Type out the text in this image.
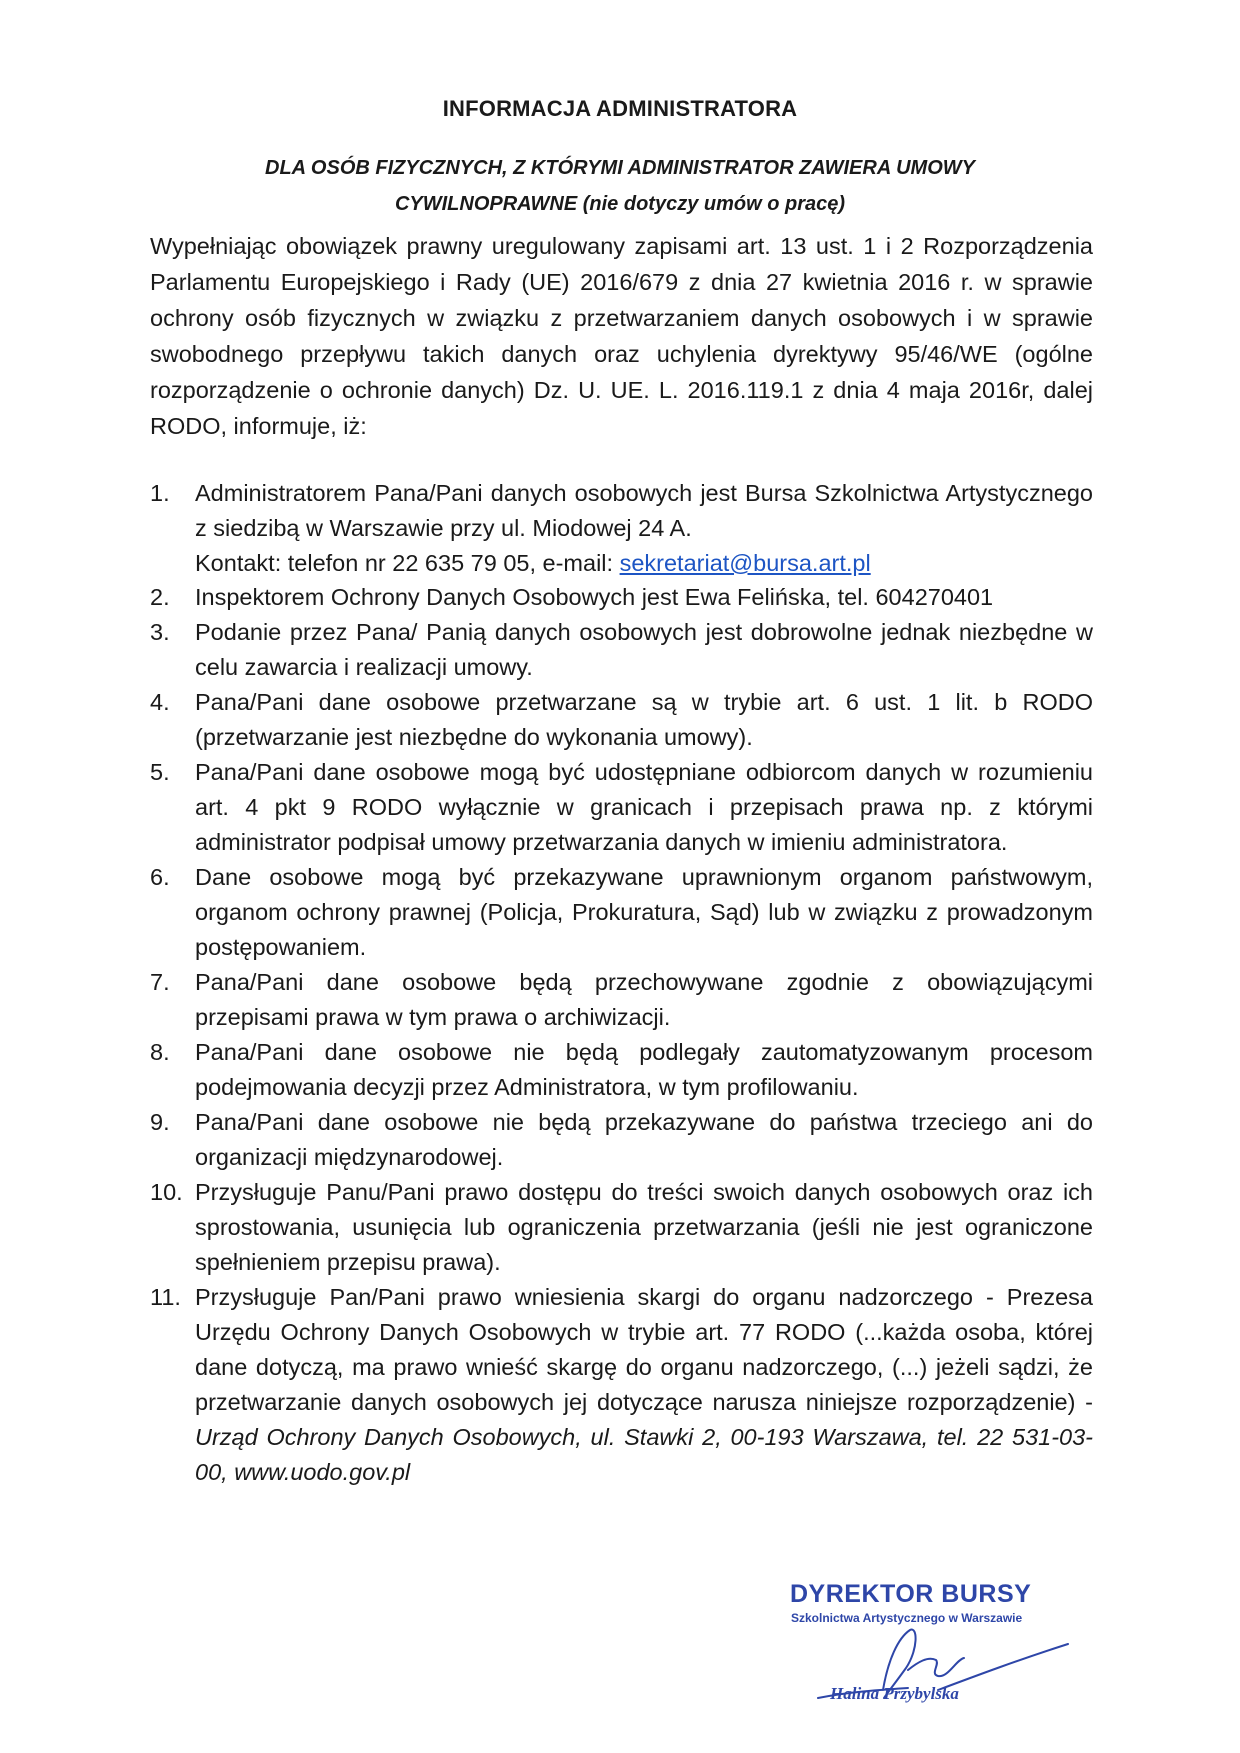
INFORMACJA ADMINISTRATORA
DLA OSÓB FIZYCZNYCH, Z KTÓRYMI ADMINISTRATOR ZAWIERA UMOWY
CYWILNOPRAWNE (nie dotyczy umów o pracę)

Wypełniając obowiązek prawny uregulowany zapisami art. 13 ust. 1 i 2 Rozporządzenia Parlamentu Europejskiego i Rady (UE) 2016/679 z dnia 27 kwietnia 2016 r. w sprawie ochrony osób fizycznych w związku z przetwarzaniem danych osobowych i w sprawie swobodnego przepływu takich danych oraz uchylenia dyrektywy 95/46/WE (ogólne rozporządzenie o ochronie danych) Dz. U. UE. L. 2016.119.1 z dnia 4 maja 2016r, dalej RODO, informuje, iż:

1.	Administratorem Pana/Pani danych osobowych jest Bursa Szkolnictwa Artystycznego z siedzibą w Warszawie przy ul. Miodowej 24 A.
Kontakt: telefon nr 22 635 79 05, e-mail: sekretariat@bursa.art.pl
2.	Inspektorem Ochrony Danych Osobowych jest Ewa Felińska, tel. 604270401
3.	Podanie przez Pana/ Panią danych osobowych jest dobrowolne jednak niezbędne w celu zawarcia i realizacji umowy.
4.	Pana/Pani dane osobowe przetwarzane są w trybie art. 6 ust. 1 lit. b RODO (przetwarzanie jest niezbędne do wykonania umowy).
5.	Pana/Pani dane osobowe mogą być udostępniane odbiorcom danych w rozumieniu art. 4 pkt 9 RODO wyłącznie w granicach i przepisach prawa np. z którymi administrator podpisał umowy przetwarzania danych w imieniu administratora.
6.	Dane osobowe mogą być przekazywane uprawnionym organom państwowym, organom ochrony prawnej (Policja, Prokuratura, Sąd) lub w związku z prowadzonym postępowaniem.
7.	Pana/Pani dane osobowe będą przechowywane zgodnie z obowiązującymi przepisami prawa w tym prawa o archiwizacji.
8.	Pana/Pani dane osobowe nie będą podlegały zautomatyzowanym procesom podejmowania decyzji przez Administratora, w tym profilowaniu.
9.	Pana/Pani dane osobowe nie będą przekazywane do państwa trzeciego ani do organizacji międzynarodowej.
10. Przysługuje Panu/Pani prawo dostępu do treści swoich danych osobowych oraz ich sprostowania, usunięcia lub ograniczenia przetwarzania (jeśli nie jest ograniczone spełnieniem przepisu prawa).
11. Przysługuje Pan/Pani prawo wniesienia skargi do organu nadzorczego - Prezesa Urzędu Ochrony Danych Osobowych w trybie art. 77 RODO (...każda osoba, której dane dotyczą, ma prawo wnieść skargę do organu nadzorczego, (...) jeżeli sądzi, że przetwarzanie danych osobowych jej dotyczące narusza niniejsze rozporządzenie) - Urząd Ochrony Danych Osobowych, ul. Stawki 2, 00-193 Warszawa, tel. 22 531-03-00, www.uodo.gov.pl
DYREKTOR BURSY
Szkolnictwa Artystycznego w Warszawie
Halina Przybylska
